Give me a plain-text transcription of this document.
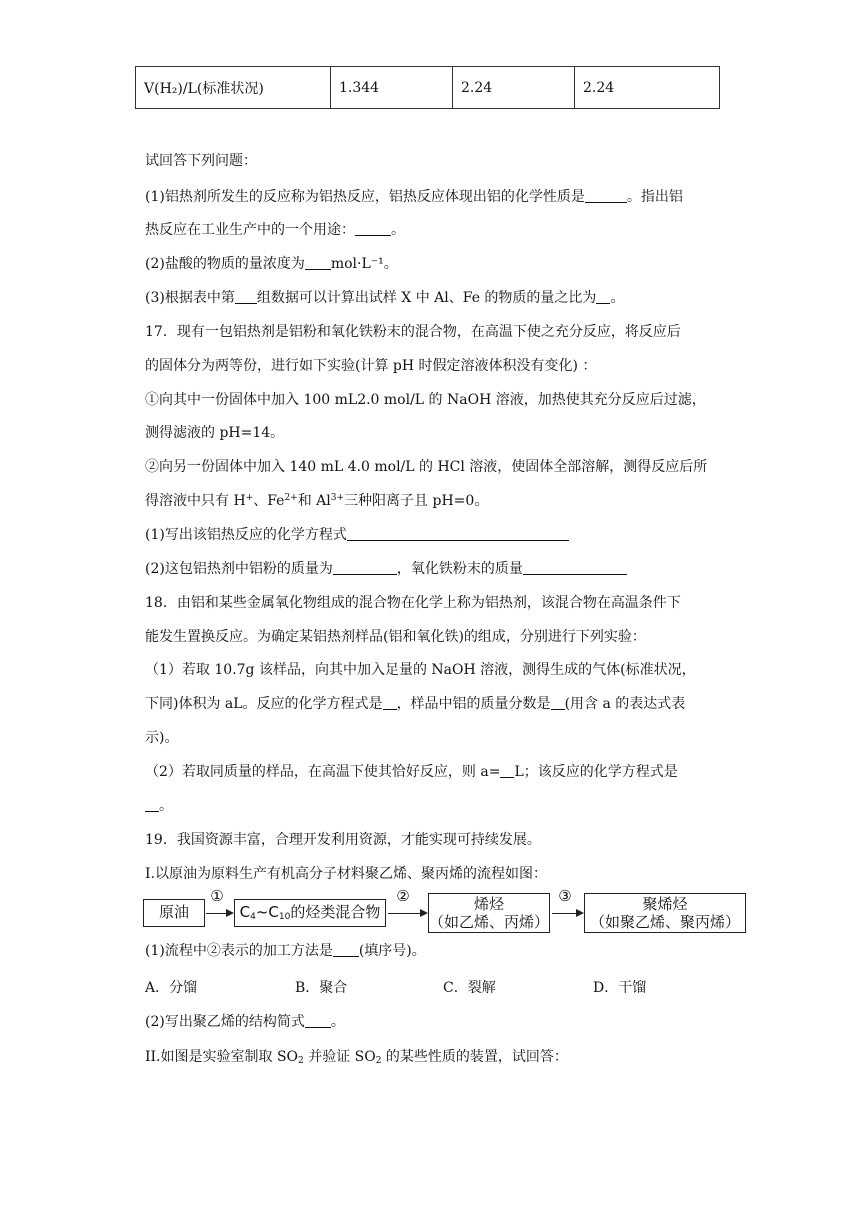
V(H₂)/L(标准状况)	1.344	2.24	2.24
试回答下列问题：
(1)铝热剂所发生的反应称为铝热反应，铝热反应体现出铝的化学性质是	。指出铝
热反应在工业生产中的一个用途：	。
(2)盐酸的物质的量浓度为 mol·L⁻¹。
(3)根据表中第 组数据可以计算出试样 X 中 Al、Fe 的物质的量之比为 。
17．现有一包铝热剂是铝粉和氧化铁粉末的混合物，在高温下使之充分反应，将反应后
的固体分为两等份，进行如下实验(计算 pH 时假定溶液体积没有变化) ：
①向其中一份固体中加入 100 mL2.0 mol/L 的 NaOH 溶液，加热使其充分反应后过滤，
测得滤液的 pH=14。
②向另一份固体中加入 140 mL 4.0 mol/L 的 HCl 溶液，使固体全部溶解，测得反应后所
得溶液中只有 H+、$Fe^{2+}$和 $Al^{3+}$三种阳离子且 pH=0。
(1)写出该铝热反应的化学方程式
(2)这包铝热剂中铝粉的质量为	，氧化铁粉末的质量
18．由铝和某些金属氧化物组成的混合物在化学上称为铝热剂，该混合物在高温条件下
能发生置换反应。为确定某铝热剂样品(铝和氧化铁)的组成，分别进行下列实验：
（1）若取 10.7g 该样品，向其中加入足量的 NaOH 溶液，测得生成的气体(标准状况，
下同)体积为 aL。反应的化学方程式是 ，样品中铝的质量分数是 (用含 a 的表达式表
示)。
（2）若取同质量的样品，在高温下使其恰好反应，则 a= L；该反应的化学方程式是
。
19．我国资源丰富，合理开发利用资源，才能实现可持续发展。
I.以原油为原料生产有机高分子材料聚乙烯、聚丙烯的流程如图：
原油
①
$C_4\sim C_{10}$的烃类混合物
②	烯烃
（如乙烯、丙烯）
③	聚烯烃
（如聚乙烯、聚丙烯）
(1)流程中②表示的加工方法是 (填序号)。
A．分馏	B．聚合	C．裂解	D．干馏
(2)写出聚乙烯的结构简式 。
II.如图是实验室制取 $SO_2$ 并验证 $SO_2$ 的某些性质的装置，试回答：
